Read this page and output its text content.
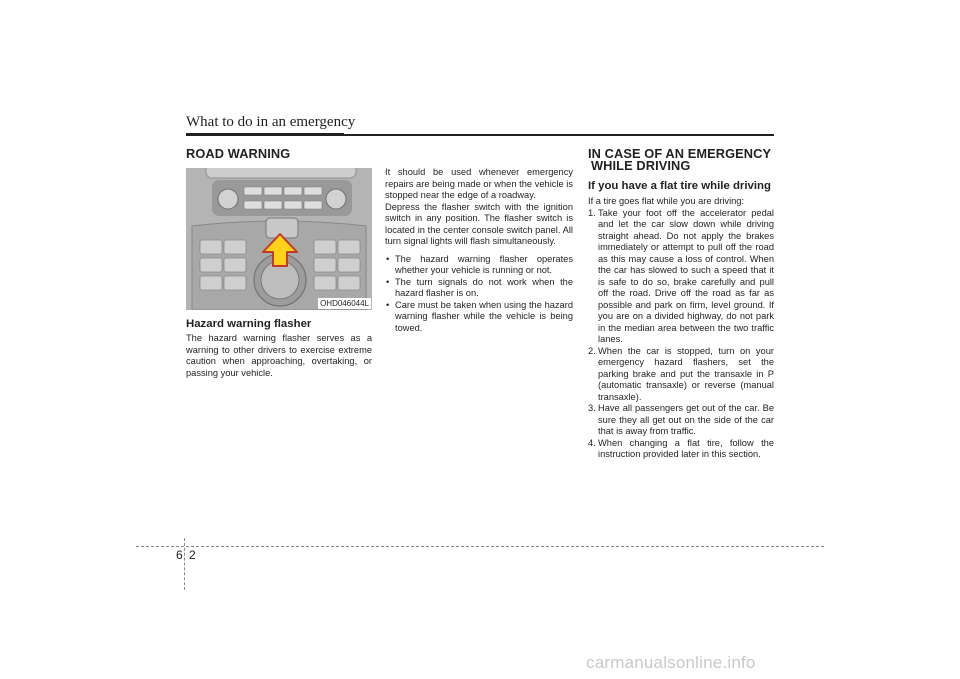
What to do in an emergency
ROAD WARNING
OHD046044L
Hazard warning flasher
The hazard warning flasher serves as a warning to other drivers to exercise extreme caution when approaching, overtaking, or passing your vehicle.

It should be used whenever emergency repairs are being made or when the vehicle is stopped near the edge of a roadway.

Depress the flasher switch with the ignition switch in any position. The flasher switch is located in the center console switch panel. All turn signal lights will flash simultaneously.

• The hazard warning flasher operates whether your vehicle is running or not.
• The turn signals do not work when the hazard flasher is on.
• Care must be taken when using the hazard warning flasher while the vehicle is being towed.
IN CASE OF AN EMERGENCY
WHILE DRIVING
If you have a flat tire while driving

If a tire goes flat while you are driving:

1. Take your foot off the accelerator pedal and let the car slow down while driving straight ahead. Do not apply the brakes immediately or attempt to pull off the road as this may cause a loss of control. When the car has slowed to such a speed that it is safe to do so, brake carefully and pull off the road. Drive off the road as far as possible and park on firm, level ground. If you are on a divided highway, do not park in the median area between the two traffic lanes.
2. When the car is stopped, turn on your emergency hazard flashers, set the parking brake and put the transaxle in P (automatic transaxle) or reverse (manual transaxle).
3. Have all passengers get out of the car. Be sure they all get out on the side of the car that is away from traffic.
4. When changing a flat tire, follow the instruction provided later in this section.
6 2
carmanualsonline.info
